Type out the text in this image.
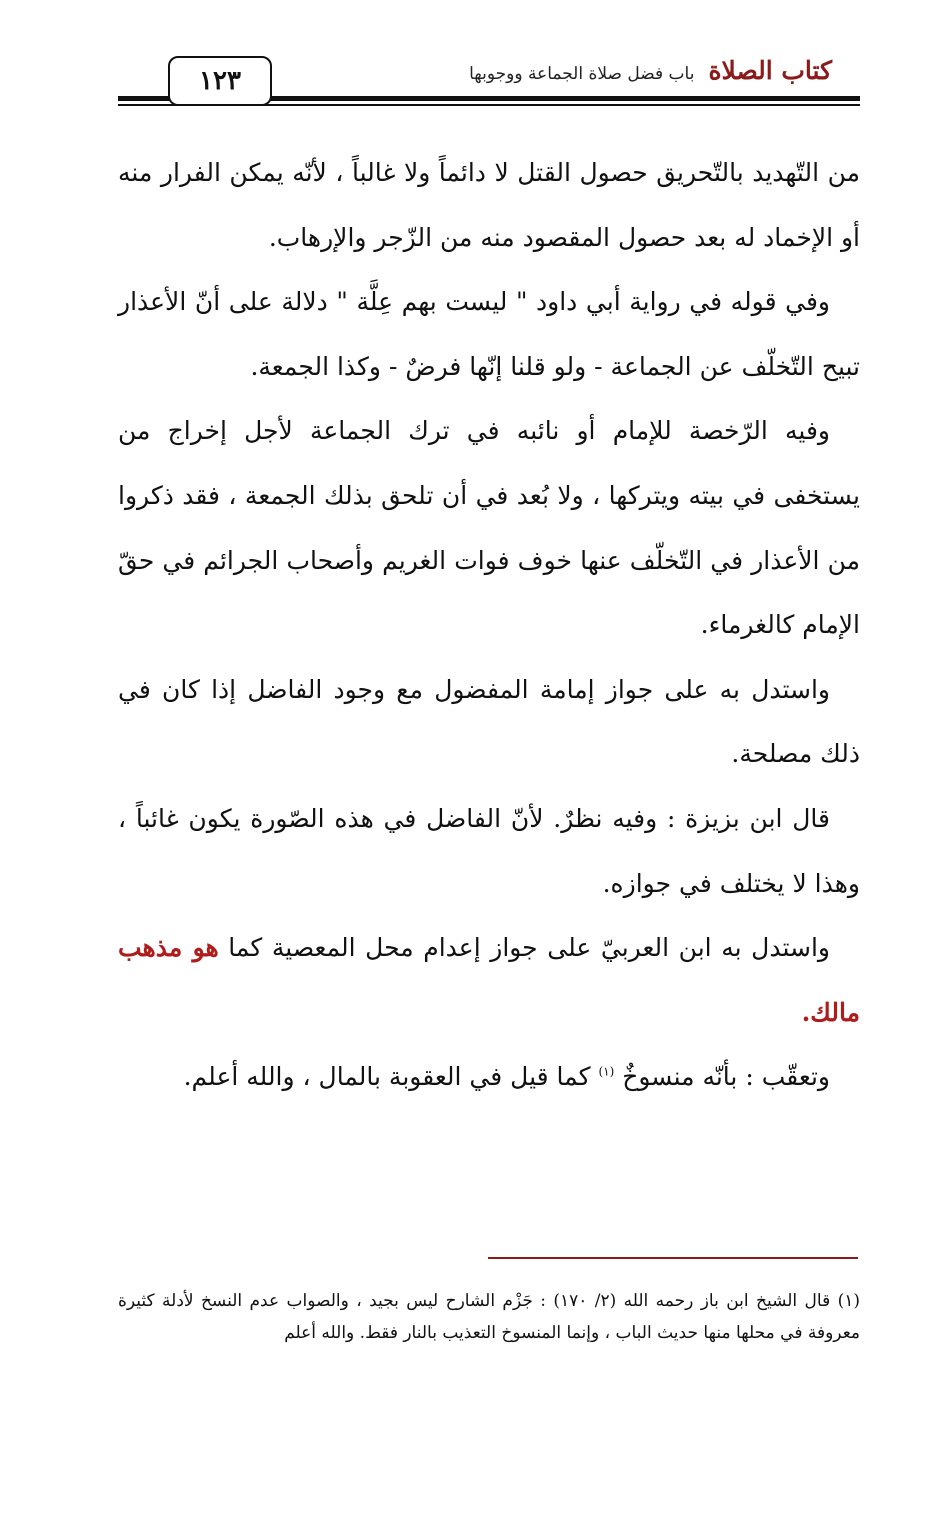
١٢٣	كتاب الصلاة
باب فضل صلاة الجماعة ووجوبها

من التّهديد بالتّحريق حصول القتل لا دائماً ولا غالباً ، لأنّه يمكن الفرار منه أو الإخماد له بعد حصول المقصود منه من الزّجر والإرهاب.

وفي قوله في رواية أبي داود " ليست بهم عِلَّة " دلالة على أنّ الأعذار تبيح التّخلّف عن الجماعة - ولو قلنا إنّها فرضٌ - وكذا الجمعة.

وفيه الرّخصة للإمام أو نائبه في ترك الجماعة لأجل إخراج من يستخفى في بيته ويتركها ، ولا بُعد في أن تلحق بذلك الجمعة ، فقد ذكروا من الأعذار في التّخلّف عنها خوف فوات الغريم وأصحاب الجرائم في حقّ الإمام كالغرماء.

واستدل به على جواز إمامة المفضول مع وجود الفاضل إذا كان في ذلك مصلحة.

قال ابن بزيزة : وفيه نظرٌ. لأنّ الفاضل في هذه الصّورة يكون غائباً ، وهذا لا يختلف في جوازه.

واستدل به ابن العربيّ على جواز إعدام محل المعصية كما هو مذهب مالك.

وتعقّب : بأنّه منسوخٌ $^{(١)}$ كما قيل في العقوبة بالمال ، والله أعلم.

(١) قال الشيخ ابن باز رحمه الله (٢/ ١٧٠) : جَزْم الشارح ليس بجيد ، والصواب عدم النسخ لأدلة كثيرة معروفة في محلها منها حديث الباب ، وإنما المنسوخ التعذيب بالنار فقط. والله أعلم
